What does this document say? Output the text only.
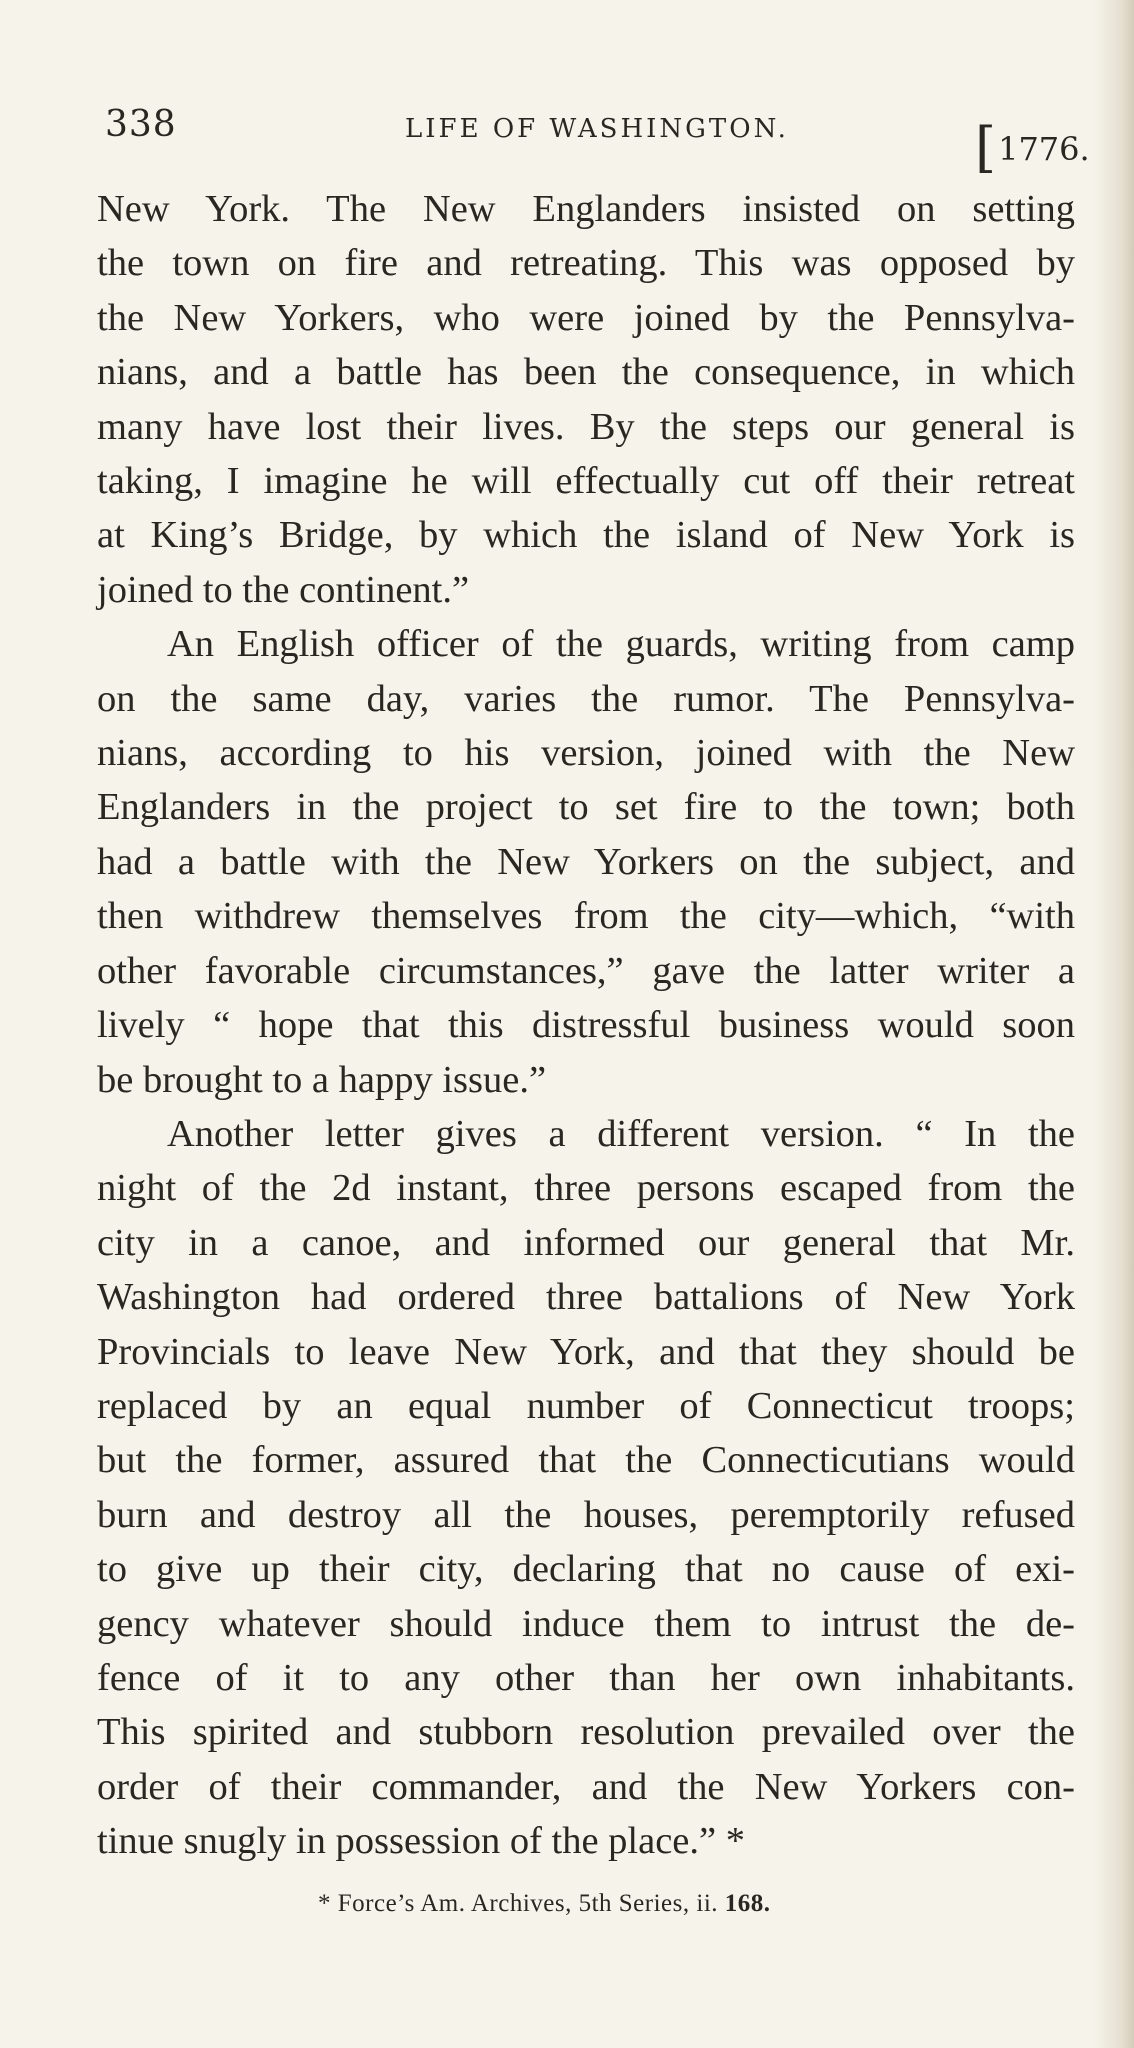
338	LIFE OF WASHINGTON.	[1776.
New York. The New Englanders insisted on setting
the town on fire and retreating. This was opposed by
the New Yorkers, who were joined by the Pennsylva-
nians, and a battle has been the consequence, in which
many have lost their lives. By the steps our general is
taking, I imagine he will effectually cut off their retreat
at King’s Bridge, by which the island of New York is
joined to the continent.”
An English officer of the guards, writing from camp
on the same day, varies the rumor. The Pennsylva-
nians, according to his version, joined with the New
Englanders in the project to set fire to the town; both
had a battle with the New Yorkers on the subject, and
then withdrew themselves from the city—which, “with
other favorable circumstances,” gave the latter writer a
lively “ hope that this distressful business would soon
be brought to a happy issue.”
Another letter gives a different version. “ In the
night of the 2d instant, three persons escaped from the
city in a canoe, and informed our general that Mr.
Washington had ordered three battalions of New York
Provincials to leave New York, and that they should be
replaced by an equal number of Connecticut troops;
but the former, assured that the Connecticutians would
burn and destroy all the houses, peremptorily refused
to give up their city, declaring that no cause of exi-
gency whatever should induce them to intrust the de-
fence of it to any other than her own inhabitants.
This spirited and stubborn resolution prevailed over the
order of their commander, and the New Yorkers con-
tinue snugly in possession of the place.” *
* Force’s Am. Archives, 5th Series, ii. 168.
